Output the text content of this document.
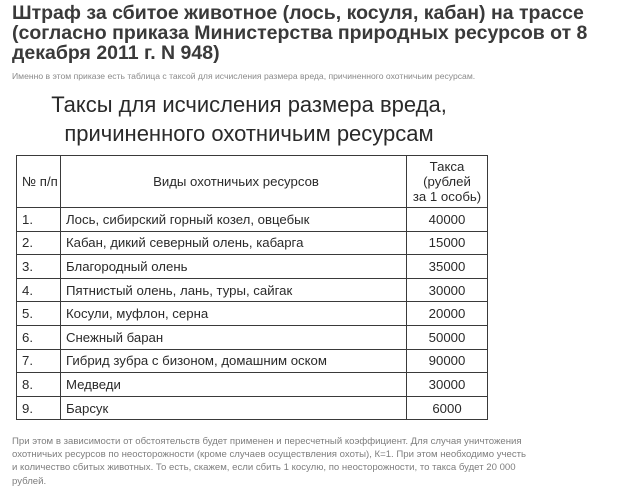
Штраф за сбитое животное (лось, косуля, кабан) на трассе
(согласно приказа Министерства природных ресурсов от 8
декабря 2011 г. N 948)
Именно в этом приказе есть таблица с таксой для исчисления размера вреда, причиненного охотничьим ресурсам.
Таксы для исчисления размера вреда,
причиненного охотничьим ресурсам
№ п/п	Виды охотничьих ресурсов	Такса
(рублей
за 1 особь)

1.	Лось, сибирский горный козел, овцебык	40000
2.	Кабан, дикий северный олень, кабарга	15000
3.	Благородный олень	35000
4.	Пятнистый олень, лань, туры, сайгак	30000
5.	Косули, муфлон, серна	20000
6.	Снежный баран	50000
7.	Гибрид зубра с бизоном, домашним оском	90000
8.	Медведи	30000
9.	Барсук	6000
При этом в зависимости от обстоятельств будет применен и пересчетный коэффициент. Для случая уничтожения
охотничьих ресурсов по неосторожности (кроме случаев осуществления охоты), К=1. При этом необходимо учесть
и количество сбитых животных. То есть, скажем, если сбить 1 косулю, по неосторожности, то такса будет 20 000
рублей.
